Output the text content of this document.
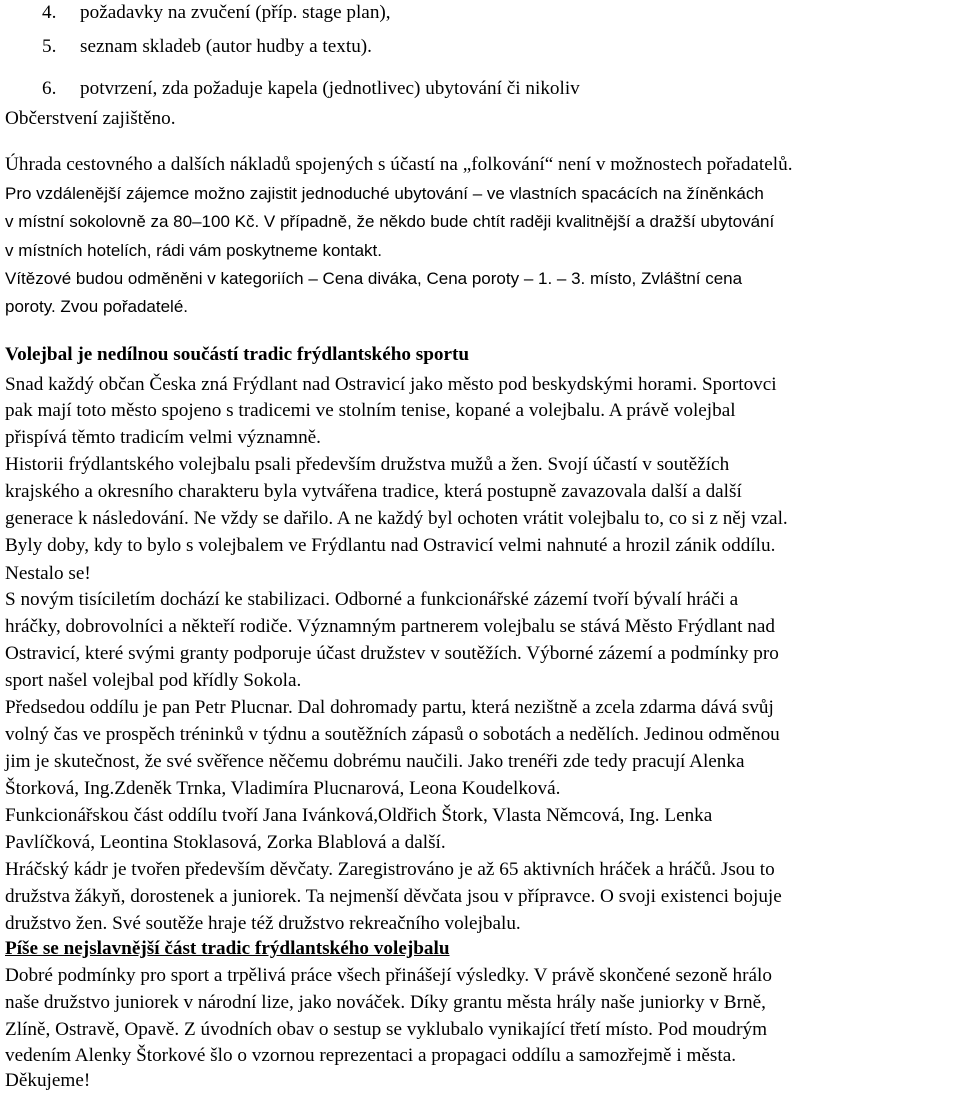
4. požadavky na zvučení (příp. stage plan),
5. seznam skladeb (autor hudby a textu).
6. potvrzení, zda požaduje kapela (jednotlivec) ubytování či nikoliv
Občerstvení zajištěno.
Úhrada cestovného a dalších nákladů spojených s účastí na „folkování“ není v možnostech pořadatelů.
Pro vzdálenější zájemce možno zajistit jednoduché ubytování – ve vlastních spacácích na žíněnkách
v místní sokolovně za 80–100 Kč. V případně, že někdo bude chtít raději kvalitnější a dražší ubytování
v místních hotelích, rádi vám poskytneme kontakt.
Vítězové budou odměněni v kategoriích – Cena diváka, Cena poroty – 1. – 3. místo, Zvláštní cena
poroty. Zvou pořadatelé.
Volejbal je nedílnou součástí tradic frýdlantského sportu
Snad každý občan Česka zná Frýdlant nad Ostravicí jako město pod beskydskými horami. Sportovci
pak mají toto město spojeno s tradicemi ve stolním tenise, kopané a volejbalu. A právě volejbal
přispívá těmto tradicím velmi významně.
Historii frýdlantského volejbalu psali především družstva mužů a žen. Svojí účastí v soutěžích
krajského a okresního charakteru byla vytvářena tradice, která postupně zavazovala další a další
generace k následování. Ne vždy se dařilo. A ne každý byl ochoten vrátit volejbalu to, co si z něj vzal.
Byly doby, kdy to bylo s volejbalem ve Frýdlantu nad Ostravicí velmi nahnuté a hrozil zánik oddílu.
Nestalo se!
S novým tisíciletím dochází ke stabilizaci. Odborné a funkcionářské zázemí tvoří bývalí hráči a
hráčky, dobrovolníci a někteří rodiče. Významným partnerem volejbalu se stává Město Frýdlant nad
Ostravicí, které svými granty podporuje účast družstev v soutěžích. Výborné zázemí a podmínky pro
sport našel volejbal pod křídly Sokola.
Předsedou oddílu je pan Petr Plucnar. Dal dohromady partu, která nezištně a zcela zdarma dává svůj
volný čas ve prospěch tréninků v týdnu a soutěžních zápasů o sobotách a nedělích. Jedinou odměnou
jim je skutečnost, že své svěřence něčemu dobrému naučili. Jako trenéři zde tedy pracují Alenka
Štorková, Ing.Zdeněk Trnka, Vladimíra Plucnarová, Leona Koudelková.
Funkcionářskou část oddílu tvoří Jana Ivánková,Oldřich Štork, Vlasta Němcová, Ing. Lenka
Pavlíčková, Leontina Stoklasová, Zorka Blablová a další.
Hráčský kádr je tvořen především děvčaty. Zaregistrováno je až 65 aktivních hráček a hráčů. Jsou to
družstva žákyň, dorostenek a juniorek. Ta nejmenší děvčata jsou v přípravce. O svoji existenci bojuje
družstvo žen. Své soutěže hraje též družstvo rekreačního volejbalu.
Píše se nejslavnější část tradic frýdlantského volejbalu
Dobré podmínky pro sport a trpělivá práce všech přinášejí výsledky. V právě skončené sezoně hrálo
naše družstvo juniorek v národní lize, jako nováček. Díky grantu města hrály naše juniorky v Brně,
Zlíně, Ostravě, Opavě. Z úvodních obav o sestup se vyklubalo vynikající třetí místo. Pod moudrým
vedením Alenky Štorkové šlo o vzornou reprezentaci a propagaci oddílu a samozřejmě i města.
Děkujeme!
